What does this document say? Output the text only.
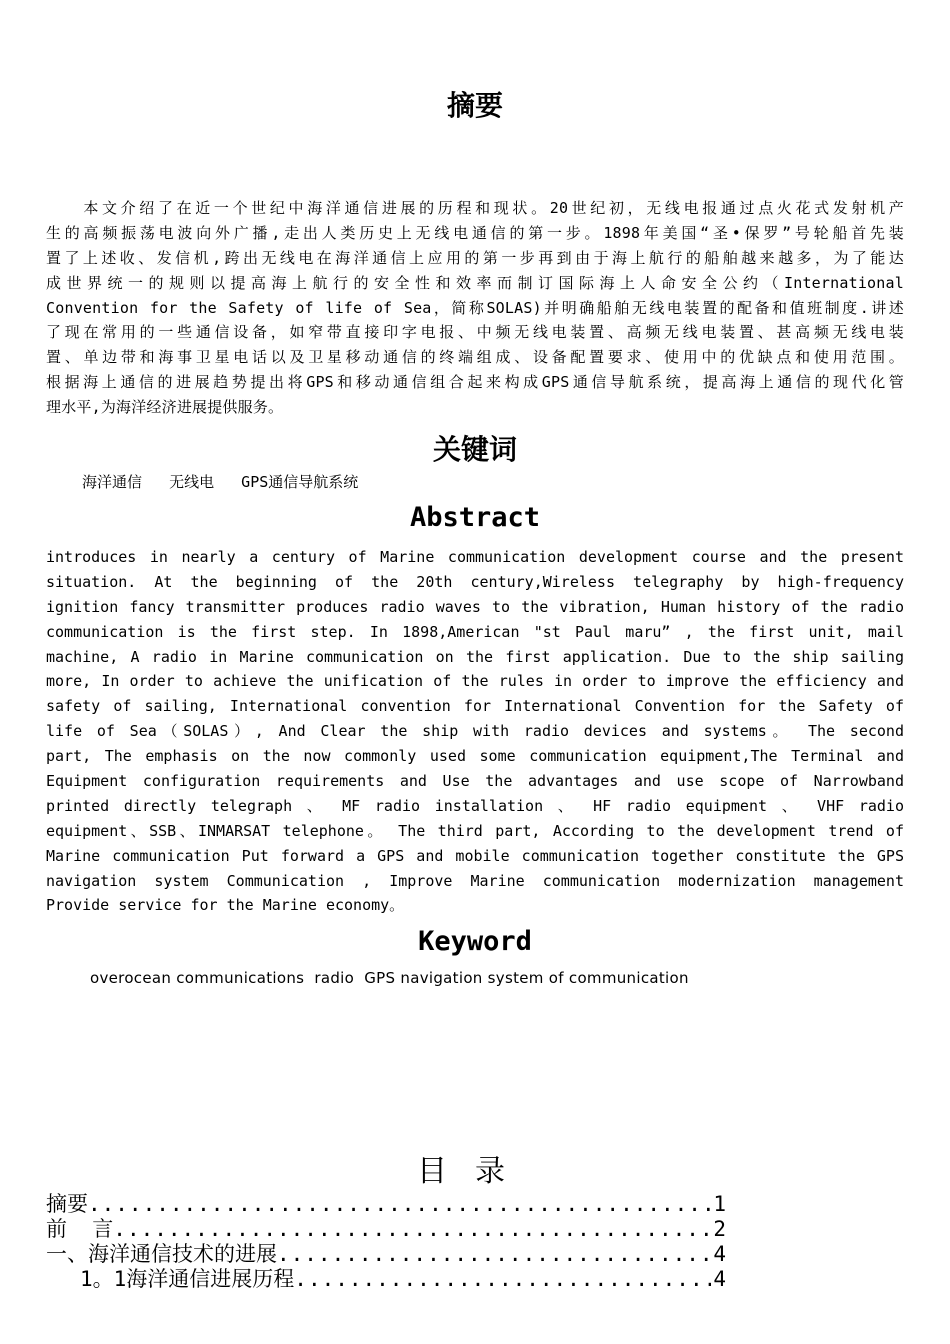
摘要
　　本文介绍了在近一个世纪中海洋通信进展的历程和现状。20世纪初，无线电报通过点火花式发射机产
生的高频振荡电波向外广播,走出人类历史上无线电通信的第一步。1898年美国“圣•保罗”号轮船首先装
置了上述收、发信机,跨出无线电在海洋通信上应用的第一步再到由于海上航行的船舶越来越多，为了能达
成世界统一的规则以提高海上航行的安全性和效率而制订国际海上人命安全公约（International
Convention for the Safety of life of Sea，简称SOLAS)并明确船舶无线电装置的配备和值班制度.讲述
了现在常用的一些通信设备，如窄带直接印字电报、中频无线电装置、高频无线电装置、甚高频无线电装
置、单边带和海事卫星电话以及卫星移动通信的终端组成、设备配置要求、使用中的优缺点和使用范围。
根据海上通信的进展趋势提出将GPS和移动通信组合起来构成GPS通信导航系统，提高海上通信的现代化管
理水平,为海洋经济进展提供服务。
关键词
海洋通信   无线电   GPS通信导航系统
Abstract
introduces in nearly a century of Marine communication development course and the present
situation. At the beginning of the 20th century,Wireless telegraphy by high-frequency
ignition fancy transmitter produces radio waves to the vibration, Human history of the radio
communication is the first step. In 1898,American "st Paul maru” , the first unit, mail
machine, A radio in Marine communication on the first application. Due to the ship sailing
more, In order to achieve the unification of the rules in order to improve the efficiency and
safety of sailing, International convention for International Convention for the Safety of
life of Sea（SOLAS）, And Clear the ship with radio devices and systems。 The second
part, The emphasis on the now commonly used some communication equipment,The Terminal and
Equipment configuration requirements and Use the advantages and use scope of Narrowband
printed directly telegraph 、 MF radio installation 、 HF radio equipment 、 VHF radio
equipment、SSB、INMARSAT telephone。 The third part, According to the development trend of
Marine communication Put forward a GPS and mobile communication together constitute the GPS
navigation system Communication , Improve Marine communication modernization management
Provide service for the Marine economy。
Keyword
overocean communications  radio  GPS navigation system of communication
目录
摘要 .....	1
前  言 .....	2
一、海洋通信技术的进展 .....	4
1。1海洋通信进展历程 .....	4
